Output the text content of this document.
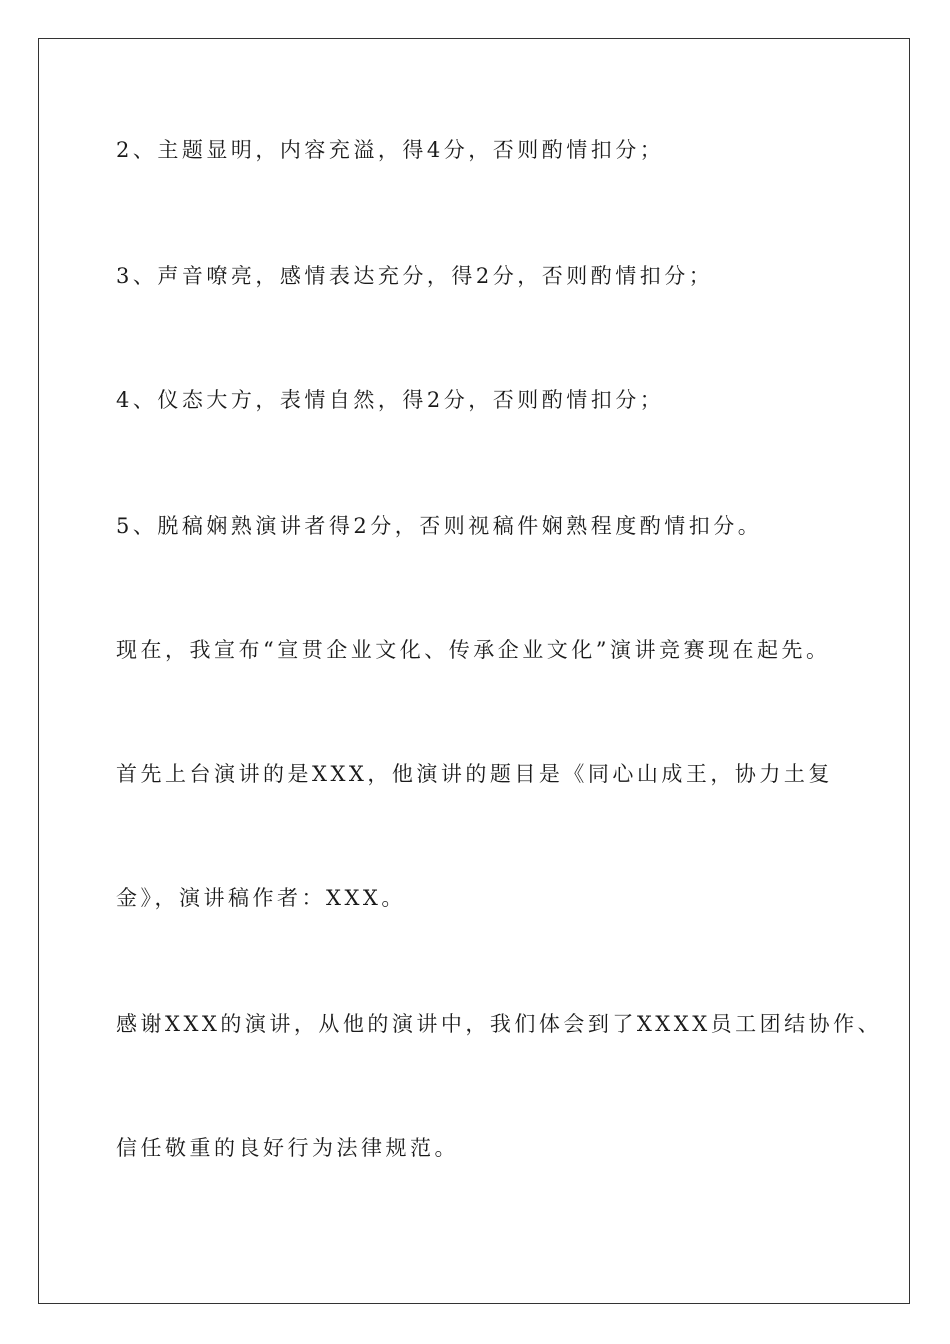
2、主题显明，内容充溢，得4分，否则酌情扣分；

3、声音嘹亮，感情表达充分，得2分，否则酌情扣分；

4、仪态大方，表情自然，得2分，否则酌情扣分；

5、脱稿娴熟演讲者得2分，否则视稿件娴熟程度酌情扣分。

现在，我宣布“宣贯企业文化、传承企业文化”演讲竞赛现在起先。

首先上台演讲的是XXX，他演讲的题目是《同心山成王，协力土复

金》，演讲稿作者：XXX。

感谢XXX的演讲，从他的演讲中，我们体会到了XXXX员工团结协作、

信任敬重的良好行为法律规范。
